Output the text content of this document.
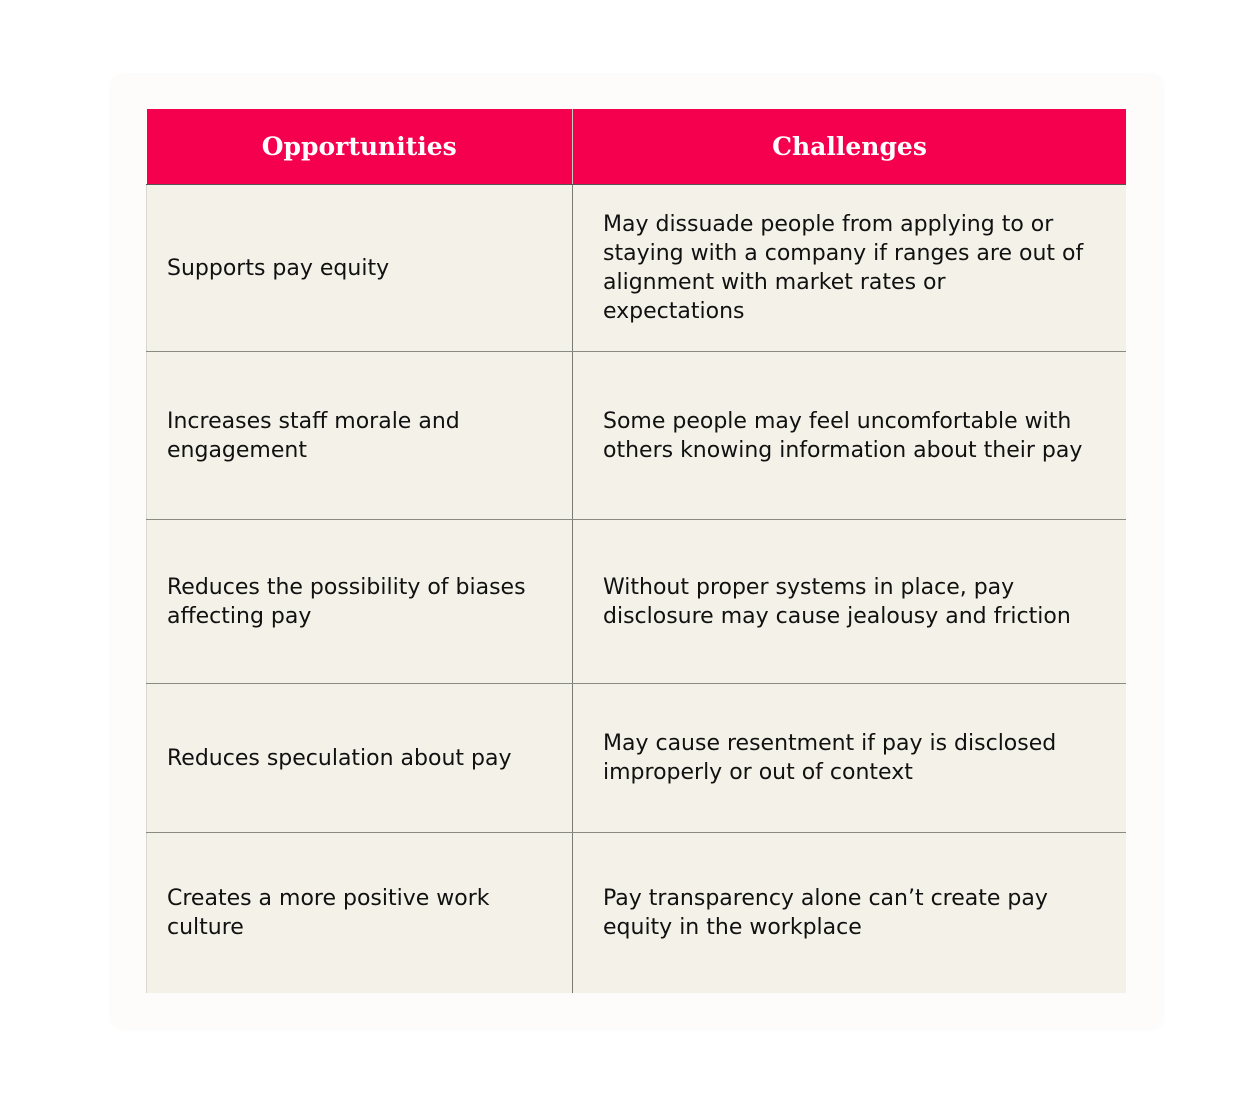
Opportunities	Challenges
Supports pay equity	May dissuade people from applying to or staying with a company if ranges are out of alignment with market rates or expectations
Increases staff morale and engagement	Some people may feel uncomfortable with others knowing information about their pay
Reduces the possibility of biases affecting pay	Without proper systems in place, pay disclosure may cause jealousy and friction
Reduces speculation about pay	May cause resentment if pay is disclosed improperly or out of context
Creates a more positive work culture	Pay transparency alone can’t create pay equity in the workplace
